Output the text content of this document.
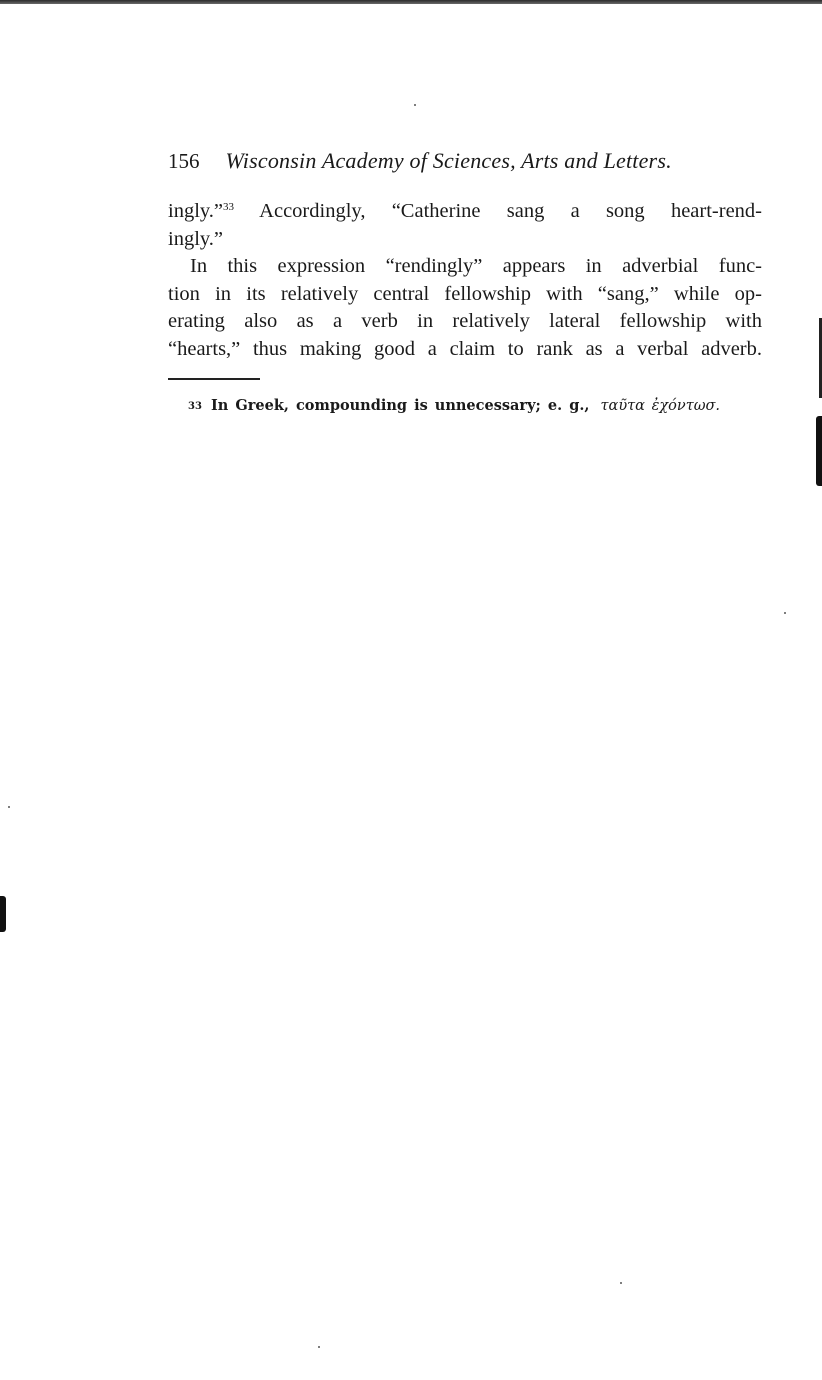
156 Wisconsin Academy of Sciences, Arts and Letters.
ingly.”$^{33}$ Accordingly, “Catherine sang a song heart-rend-
ingly.”
In this expression “rendingly” appears in adverbial func-
tion in its relatively central fellowship with “sang,” while op-
erating also as a verb in relatively lateral fellowship with
“hearts,” thus making good a claim to rank as a verbal adverb.
33 In Greek, compounding is unnecessary; e. g., ταῦτα ἐχόντωσ.
